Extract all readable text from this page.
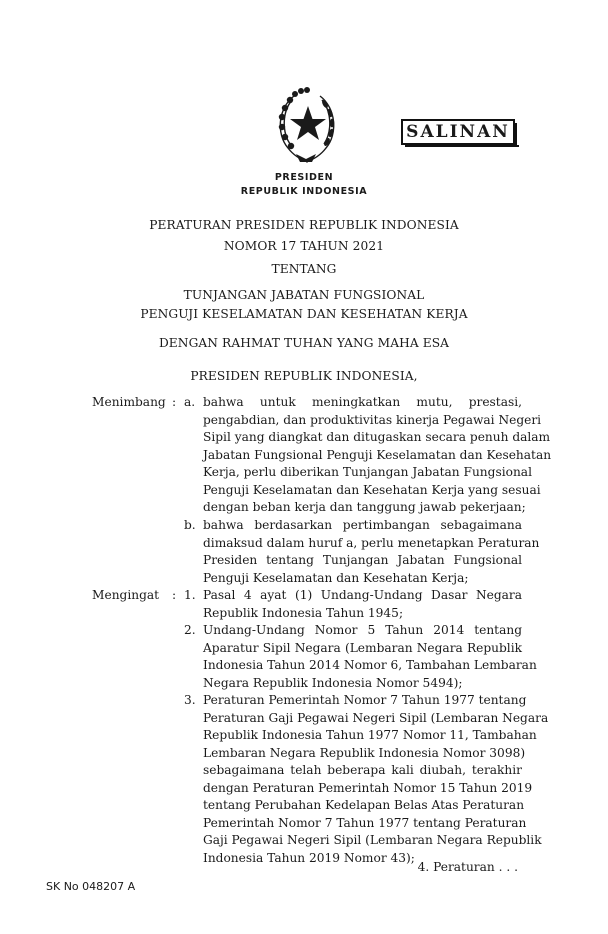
SALINAN
PRESIDEN
REPUBLIK INDONESIA
PERATURAN PRESIDEN REPUBLIK INDONESIA
NOMOR 17 TAHUN 2021
TENTANG
TUNJANGAN JABATAN FUNGSIONAL
PENGUJI KESELAMATAN DAN KESEHATAN KERJA
DENGAN RAHMAT TUHAN YANG MAHA ESA
PRESIDEN REPUBLIK INDONESIA,
Menimbang : a. bahwa untuk meningkatkan mutu, prestasi,
pengabdian, dan produktivitas kinerja Pegawai Negeri
Sipil yang diangkat dan ditugaskan secara penuh dalam
Jabatan Fungsional Penguji Keselamatan dan Kesehatan
Kerja, perlu diberikan Tunjangan Jabatan Fungsional
Penguji Keselamatan dan Kesehatan Kerja yang sesuai
dengan beban kerja dan tanggung jawab pekerjaan;
b. bahwa berdasarkan pertimbangan sebagaimana
dimaksud dalam huruf a, perlu menetapkan Peraturan
Presiden tentang Tunjangan Jabatan Fungsional
Penguji Keselamatan dan Kesehatan Kerja;
Mengingat : 1. Pasal 4 ayat (1) Undang-Undang Dasar Negara
Republik Indonesia Tahun 1945;
2. Undang-Undang Nomor 5 Tahun 2014 tentang
Aparatur Sipil Negara (Lembaran Negara Republik
Indonesia Tahun 2014 Nomor 6, Tambahan Lembaran
Negara Republik Indonesia Nomor 5494);
3. Peraturan Pemerintah Nomor 7 Tahun 1977 tentang
Peraturan Gaji Pegawai Negeri Sipil (Lembaran Negara
Republik Indonesia Tahun 1977 Nomor 11, Tambahan
Lembaran Negara Republik Indonesia Nomor 3098)
sebagaimana telah beberapa kali diubah, terakhir
dengan Peraturan Pemerintah Nomor 15 Tahun 2019
tentang Perubahan Kedelapan Belas Atas Peraturan
Pemerintah Nomor 7 Tahun 1977 tentang Peraturan
Gaji Pegawai Negeri Sipil (Lembaran Negara Republik
Indonesia Tahun 2019 Nomor 43);
4. Peraturan . . .
SK No 048207 A
